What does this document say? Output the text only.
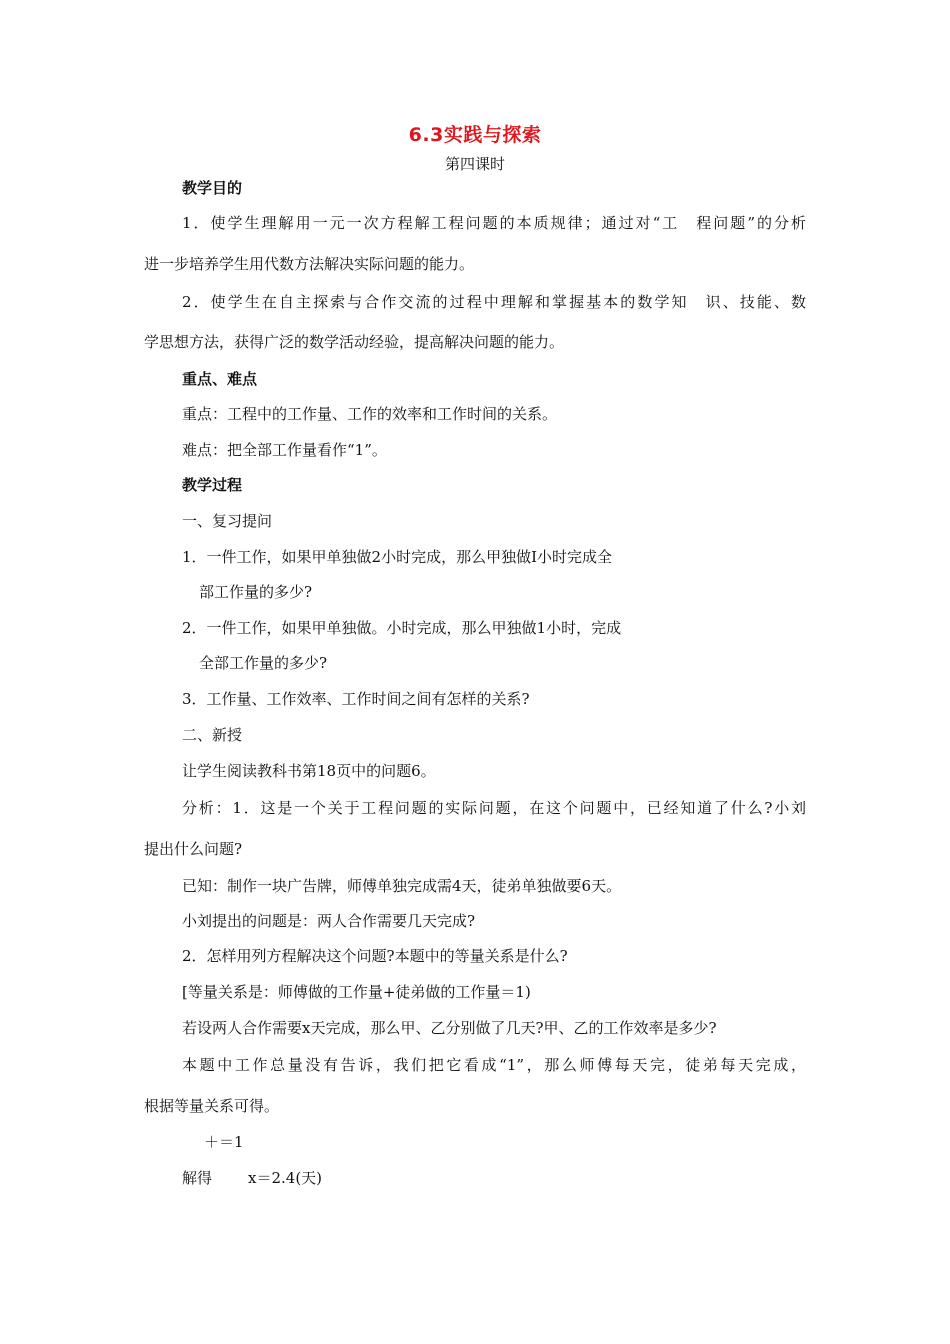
6.3实践与探索
第四课时
教学目的
1．使学生理解用一元一次方程解工程问题的本质规律；通过对“工　程问题”的分析
进一步培养学生用代数方法解决实际问题的能力。
2．使学生在自主探索与合作交流的过程中理解和掌握基本的数学知　识、技能、数
学思想方法，获得广泛的数学活动经验，提高解决问题的能力。
重点、难点
重点：工程中的工作量、工作的效率和工作时间的关系。
难点：把全部工作量看作“1”。
教学过程
一、复习提问
1．一件工作，如果甲单独做2小时完成，那么甲独做I小时完成全
部工作量的多少?
2．一件工作，如果甲单独做。小时完成，那么甲独做1小时，完成
全部工作量的多少?
3．工作量、工作效率、工作时间之间有怎样的关系?
二、新授
让学生阅读教科书第18页中的问题6。
分析：1．这是一个关于工程问题的实际问题，在这个问题中，已经知道了什么?小刘
提出什么问题?
已知：制作一块广告牌，师傅单独完成需4天，徒弟单独做要6天。
小刘提出的问题是：两人合作需要几天完成?
2．怎样用列方程解决这个问题?本题中的等量关系是什么?
[等量关系是：师傅做的工作量+徒弟做的工作量＝1)
若设两人合作需要x天完成，那么甲、乙分别做了几天?甲、乙的工作效率是多少?
本题中工作总量没有告诉，我们把它看成“1”，那么师傅每天完，徒弟每天完成，
根据等量关系可得。
＋＝1
解得 x＝2.4(天)
